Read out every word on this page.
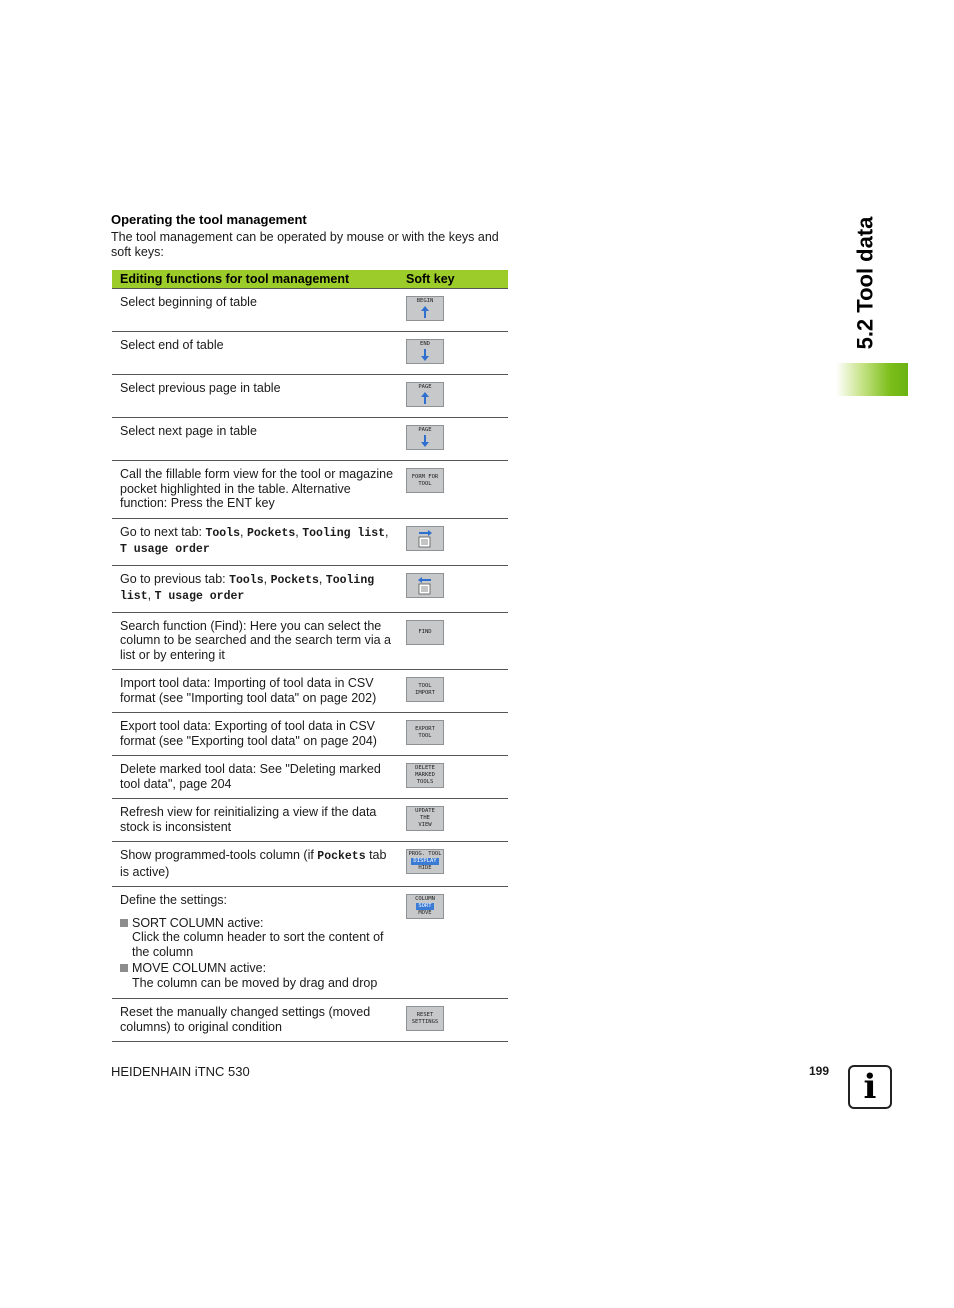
Operating the tool management
The tool management can be operated by mouse or with the keys and soft keys:
Editing functions for tool management	Soft key
Select beginning of table	BEGIN

Select end of table	END

Select previous page in table	PAGE

Select next page in table	PAGE

Call the fillable form view for the tool or magazine pocket highlighted in the table. Alternative function: Press the ENT key	FORM FOR
TOOL

Go to next tab: Tools, Pockets, Tooling list, T usage order	

Go to previous tab: Tools, Pockets, Tooling list, T usage order	

Search function (Find): Here you can select the column to be searched and the search term via a list or by entering it	FIND

Import tool data: Importing of tool data in CSV format (see "Importing tool data" on page 202)	TOOL
IMPORT

Export tool data: Exporting of tool data in CSV format (see "Exporting tool data" on page 204)	EXPORT
TOOL

Delete marked tool data: See "Deleting marked tool data", page 204	DELETE
MARKED
TOOLS

Refresh view for reinitializing a view if the data stock is inconsistent	UPDATE
THE
VIEW

Show programmed-tools column (if Pockets tab is active)	PROG. TOOL
DISPLAY
HIDE

Define the settings:
SORT COLUMN active:
Click the column header to sort the content of the column
MOVE COLUMN active:
The column can be moved by drag and drop	COLUMN
SORT
MOVE

Reset the manually changed settings (moved columns) to original condition	RESET
SETTINGS
5.2 Tool data
HEIDENHAIN iTNC 530	199 i
